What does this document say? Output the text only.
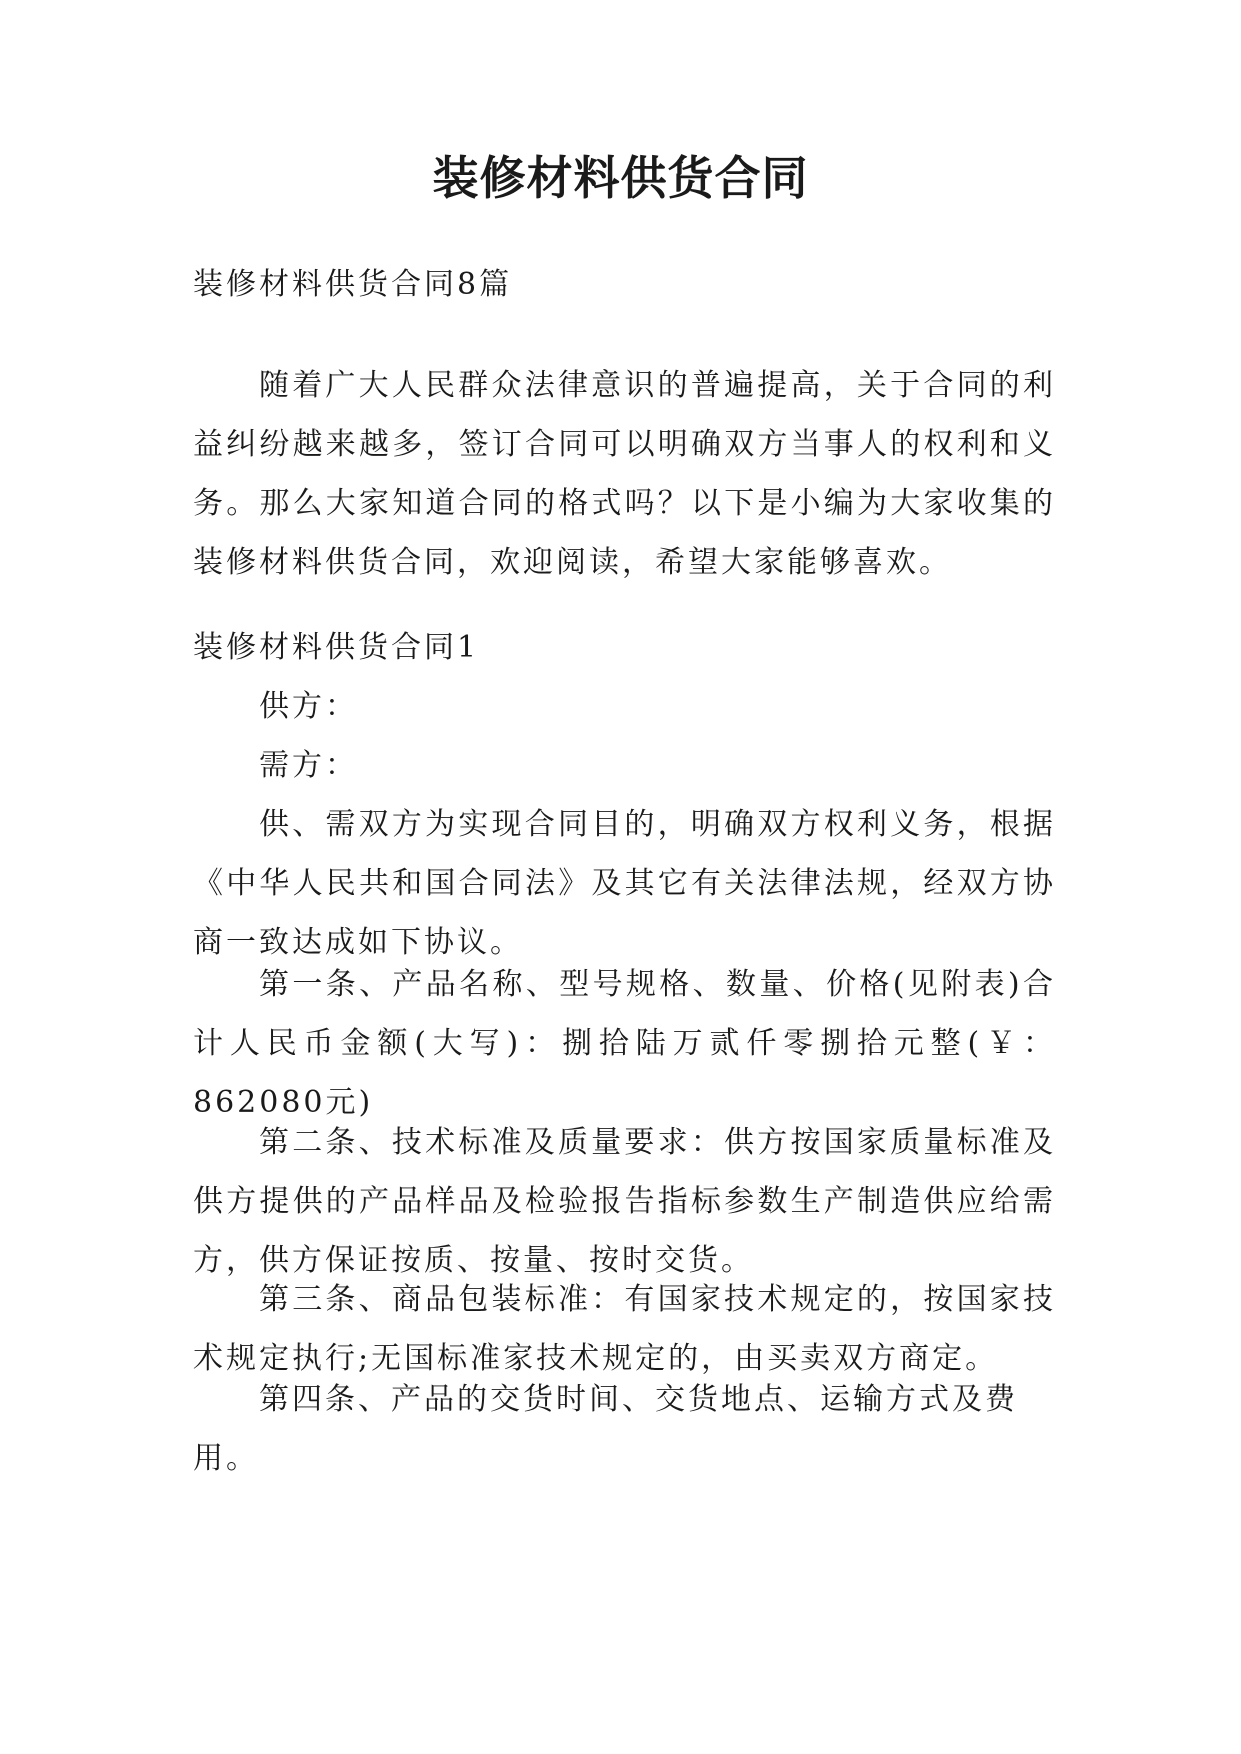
装修材料供货合同

装修材料供货合同8篇

随着广大人民群众法律意识的普遍提高，关于合同的利益纠纷越来越多，签订合同可以明确双方当事人的权利和义务。那么大家知道合同的格式吗？以下是小编为大家收集的装修材料供货合同，欢迎阅读，希望大家能够喜欢。

装修材料供货合同1

供方：

需方：

供、需双方为实现合同目的，明确双方权利义务，根据《中华人民共和国合同法》及其它有关法律法规，经双方协商一致达成如下协议。

第一条、产品名称、型号规格、数量、价格(见附表)合计人民币金额(大写)：捌拾陆万贰仟零捌拾元整(￥：862080元)

第二条、技术标准及质量要求：供方按国家质量标准及供方提供的产品样品及检验报告指标参数生产制造供应给需方，供方保证按质、按量、按时交货。

第三条、商品包装标准：有国家技术规定的，按国家技术规定执行;无国标准家技术规定的，由买卖双方商定。

第四条、产品的交货时间、交货地点、运输方式及费用。
